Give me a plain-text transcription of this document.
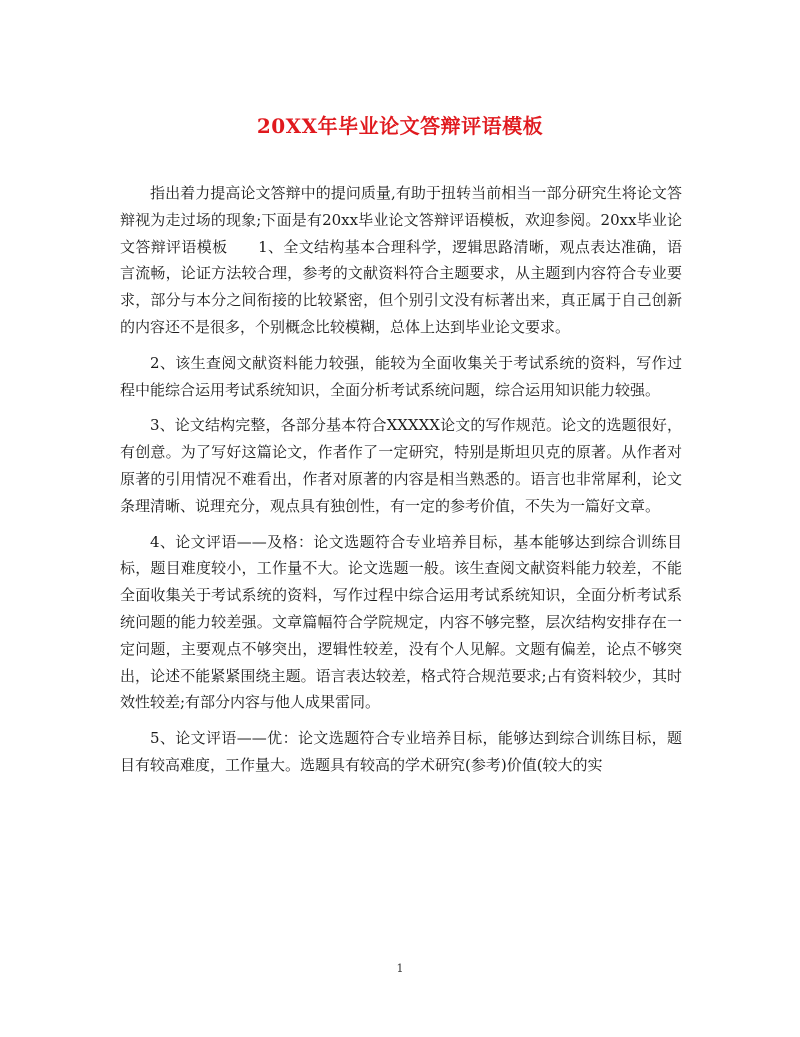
20XX年毕业论文答辩评语模板

指出着力提高论文答辩中的提问质量,有助于扭转当前相当一部分研究生将论文答辩视为走过场的现象;下面是有20xx毕业论文答辩评语模板，欢迎参阅。20xx毕业论文答辩评语模板　　1、全文结构基本合理科学，逻辑思路清晰，观点表达准确，语言流畅，论证方法较合理，参考的文献资料符合主题要求，从主题到内容符合专业要求，部分与本分之间衔接的比较紧密，但个别引文没有标著出来，真正属于自己创新的内容还不是很多，个别概念比较模糊，总体上达到毕业论文要求。

2、该生查阅文献资料能力较强，能较为全面收集关于考试系统的资料，写作过程中能综合运用考试系统知识，全面分析考试系统问题，综合运用知识能力较强。

3、论文结构完整，各部分基本符合XXXXX论文的写作规范。论文的选题很好，有创意。为了写好这篇论文，作者作了一定研究，特别是斯坦贝克的原著。从作者对原著的引用情况不难看出，作者对原著的内容是相当熟悉的。语言也非常犀利，论文条理清晰、说理充分，观点具有独创性，有一定的参考价值，不失为一篇好文章。

4、论文评语——及格：论文选题符合专业培养目标，基本能够达到综合训练目标，题目难度较小，工作量不大。论文选题一般。该生查阅文献资料能力较差，不能全面收集关于考试系统的资料，写作过程中综合运用考试系统知识，全面分析考试系统问题的能力较差强。文章篇幅符合学院规定，内容不够完整，层次结构安排存在一定问题，主要观点不够突出，逻辑性较差，没有个人见解。文题有偏差，论点不够突出，论述不能紧紧围绕主题。语言表达较差，格式符合规范要求;占有资料较少，其时效性较差;有部分内容与他人成果雷同。

5、论文评语——优：论文选题符合专业培养目标，能够达到综合训练目标，题目有较高难度，工作量大。选题具有较高的学术研究(参考)价值(较大的实

1
